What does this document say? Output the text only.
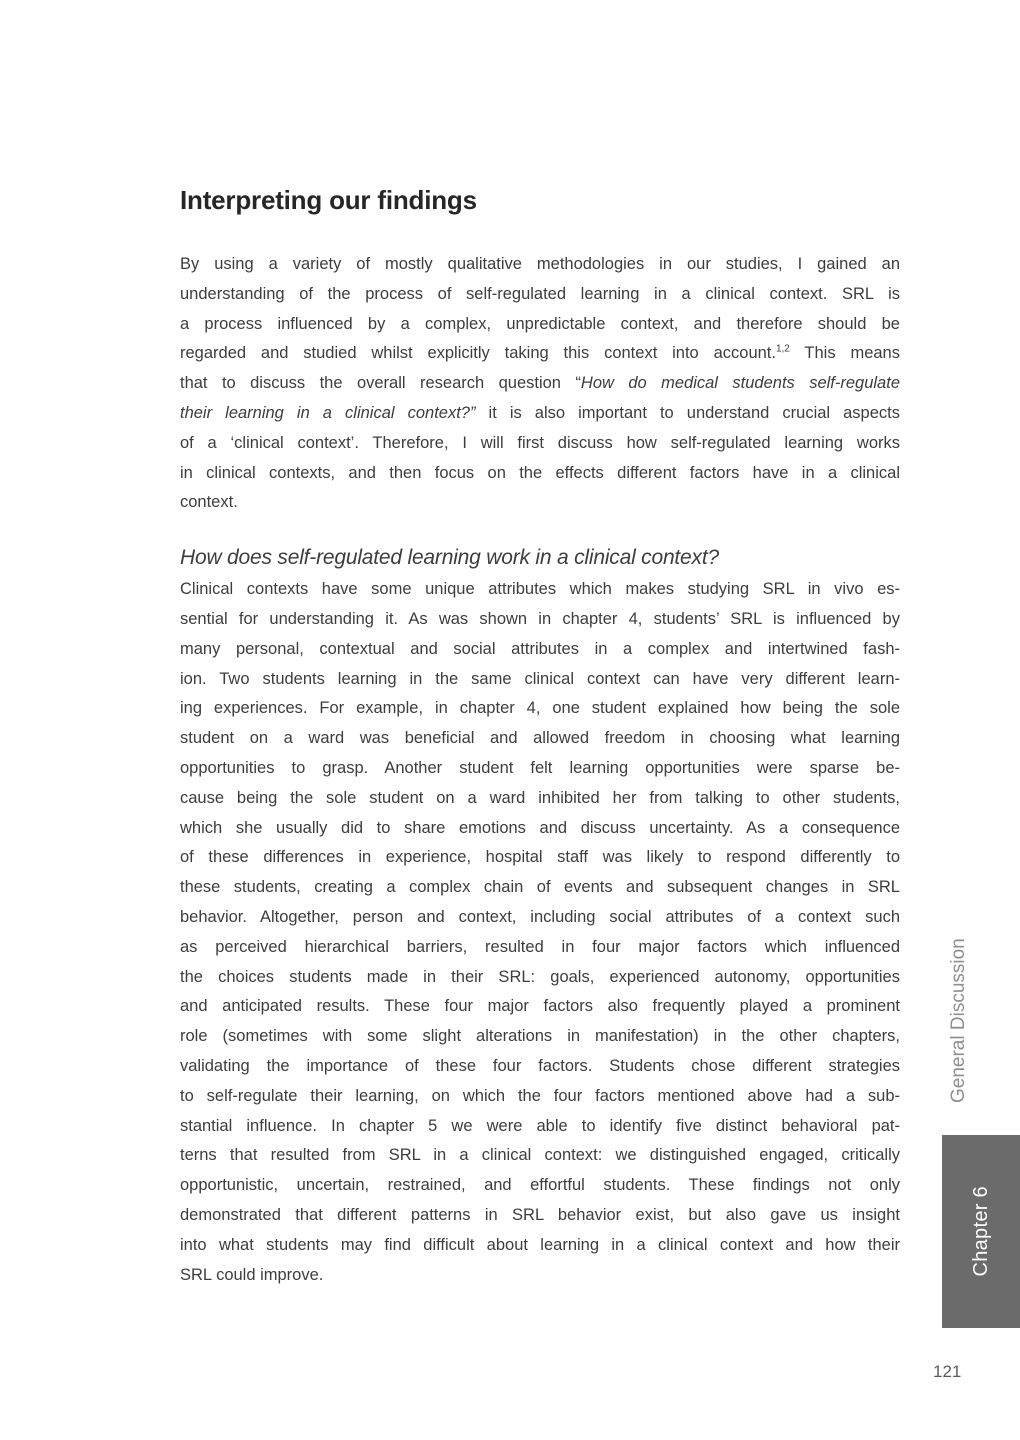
Interpreting our findings
By using a variety of mostly qualitative methodologies in our studies, I gained an
understanding of the process of self-regulated learning in a clinical context. SRL is
a process influenced by a complex, unpredictable context, and therefore should be
regarded and studied whilst explicitly taking this context into account.$^{1,2}$ This means
that to discuss the overall research question “How do medical students self-regulate
their learning in a clinical context?” it is also important to understand crucial aspects
of a ‘clinical context’. Therefore, I will first discuss how self-regulated learning works
in clinical contexts, and then focus on the effects different factors have in a clinical
context.
How does self-regulated learning work in a clinical context?
Clinical contexts have some unique attributes which makes studying SRL in vivo es-
sential for understanding it. As was shown in chapter 4, students’ SRL is influenced by
many personal, contextual and social attributes in a complex and intertwined fash-
ion. Two students learning in the same clinical context can have very different learn-
ing experiences. For example, in chapter 4, one student explained how being the sole
student on a ward was beneficial and allowed freedom in choosing what learning
opportunities to grasp. Another student felt learning opportunities were sparse be-
cause being the sole student on a ward inhibited her from talking to other students,
which she usually did to share emotions and discuss uncertainty. As a consequence
of these differences in experience, hospital staff was likely to respond differently to
these students, creating a complex chain of events and subsequent changes in SRL
behavior. Altogether, person and context, including social attributes of a context such
as perceived hierarchical barriers, resulted in four major factors which influenced
the choices students made in their SRL: goals, experienced autonomy, opportunities
and anticipated results. These four major factors also frequently played a prominent
role (sometimes with some slight alterations in manifestation) in the other chapters,
validating the importance of these four factors. Students chose different strategies
to self-regulate their learning, on which the four factors mentioned above had a sub-
stantial influence. In chapter 5 we were able to identify five distinct behavioral pat-
terns that resulted from SRL in a clinical context: we distinguished engaged, critically
opportunistic, uncertain, restrained, and effortful students. These findings not only
demonstrated that different patterns in SRL behavior exist, but also gave us insight
into what students may find difficult about learning in a clinical context and how their
SRL could improve.
General Discussion
Chapter 6
121
